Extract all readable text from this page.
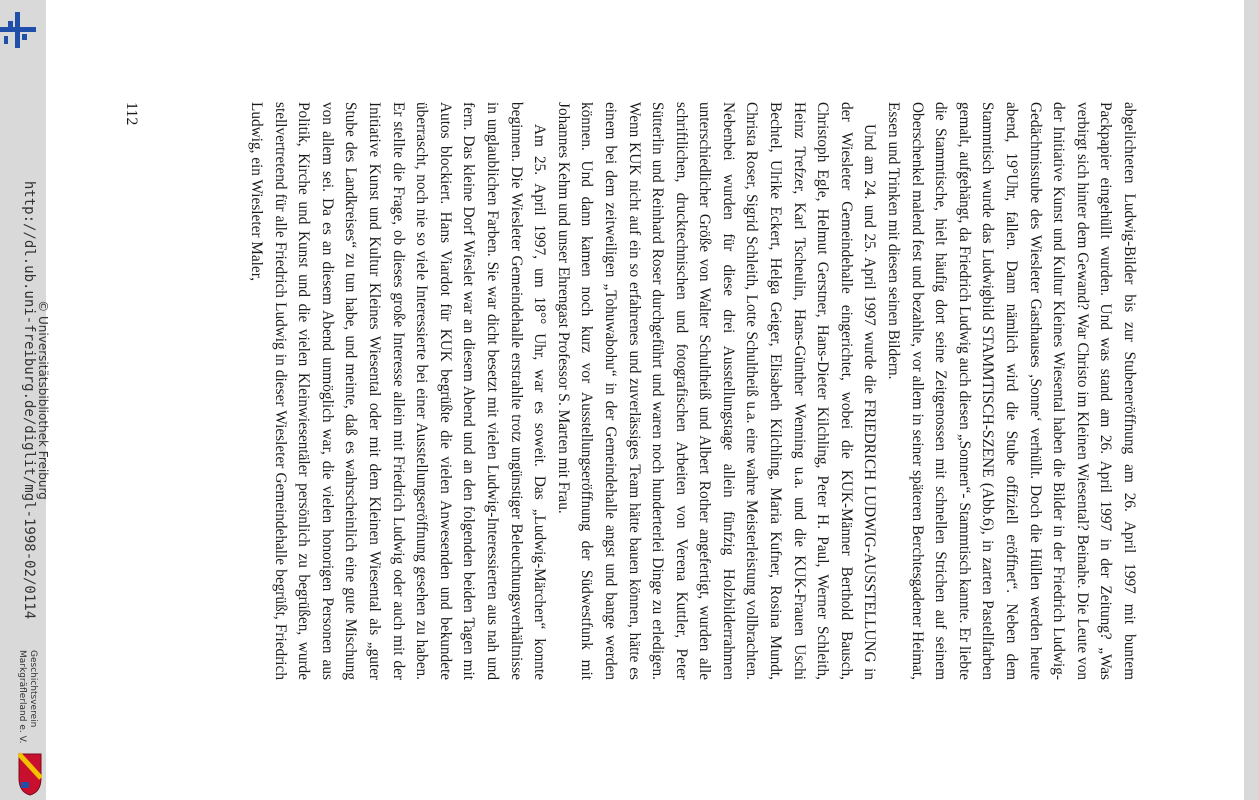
http://dl.ub.uni-freiburg.de/diglit/mgl-1998-02/0114 © Universitätsbibliothek Freiburg
Geschichtsverein
Markgräflerland e. V.

abgelichteten Ludwig-Bilder bis zur Stubeneröffnung am 26. April 1997 mit buntem Packpapier eingehüllt wurden. Und was stand am 26. April 1997 in der Zeitung? „Was verbirgt sich hinter dem Gewand? War Christo im Kleinen Wiesental? Beinahe. Die Leute von der Initiative Kunst und Kultur Kleines Wiesental haben die Bilder in der Friedrich Ludwig-Gedächtnisstube des Wiesleter Gasthauses ‚Sonne‘ verhüllt. Doch die Hüllen werden heute abend, 19°Uhr, fallen. Dann nämlich wird die Stube offiziell eröffnet“. Neben dem Stammtisch wurde das Ludwigbild STAMMTISCH-SZENE (Abb.6), in zarten Pastellfarben gemalt, aufgehängt, da Friedrich Ludwig auch diesen „Sonnen“- Stammtisch kannte. Er liebte die Stammtische, hielt häufig dort seine Zeitgenossen mit schnellen Strichen auf seinem Oberschenkel malend fest und bezahlte, vor allem in seiner späteren Berchtesgadener Heimat, Essen und Trinken mit diesen seinen Bildern.

Und am 24. und 25. April 1997 wurde die FRIEDRICH LUDWIG-AUSSTELLUNG in der Wiesleter Gemeindehalle eingerichtet, wobei die KUK-Männer Berthold Bausch, Christoph Egle, Helmut Gerstner, Hans-Dieter Kilchling, Peter H. Paul, Werner Schleith, Heinz Trefzer, Karl Tscheulin, Hans-Günther Wenning u.a. und die KUK-Frauen Uschi Bechtel, Ulrike Eckert, Helga Geiger, Elisabeth Kilchling, Maria Kufner, Rosina Mundt, Christa Roser, Sigrid Schleith, Lotte Schultheiß u.a. eine wahre Meisterleistung vollbrachten. Nebenbei wurden für diese drei Ausstellungstage allein fünfzig Holzbilderrahmen unterschiedlicher Größe von Walter Schultheiß und Albert Rother angefertigt, wurden alle schriftlichen, drucktechnischen und fotografischen Arbeiten von Verena Kuttler, Peter Sütterlin und Reinhard Roser durchgeführt und waren noch hunderterlei Dinge zu erledigen. Wenn KUK nicht auf ein so erfahrenes und zuverlässiges Team hätte bauen können, hätte es einem bei dem zeitweiligen „Tohuwabohu“ in der Gemeindehalle angst und bange werden können. Und dann kamen noch kurz vor Ausstellungseröffnung der Südwestfunk mit Johannes Kehm und unser Ehrengast Professor S. Marten mit Frau.

Am 25. April 1997, um 18°° Uhr, war es soweit. Das „Ludwig-Märchen“ konnte beginnen. Die Wiesleter Gemeindehalle erstrahlte trotz ungünstiger Beleuchtungsverhältnisse in unglaublichen Farben. Sie war dicht besetzt mit vielen Ludwig-Interessierten aus nah und fern. Das kleine Dorf Wieslet war an diesem Abend und an den folgenden beiden Tagen mit Autos blockiert. Hans Viardot für KUK begrüßte die vielen Anwesenden und bekundete überrascht, noch nie so viele Interessierte bei einer Ausstellungseröffnung gesehen zu haben. Er stellte die Frage, ob dieses große Interesse allein mit Friedrich Ludwig oder auch mit der Initiative Kunst und Kultur Kleines Wiesental oder mit dem Kleinen Wiesental als „guter Stube des Landkreises“ zu tun habe, und meinte, daß es wahrscheinlich eine gute Mischung von allem sei. Da es an diesem Abend unmöglich war, die vielen honorigen Personen aus Politik, Kirche und Kunst und die vielen Kleinwiesentäler persönlich zu begrüßen, wurde stellvertretend für alle Friedrich Ludwig in dieser Wiesleter Gemeindehalle begrüßt, Friedrich Ludwig, ein Wiesleter Maler,

112
